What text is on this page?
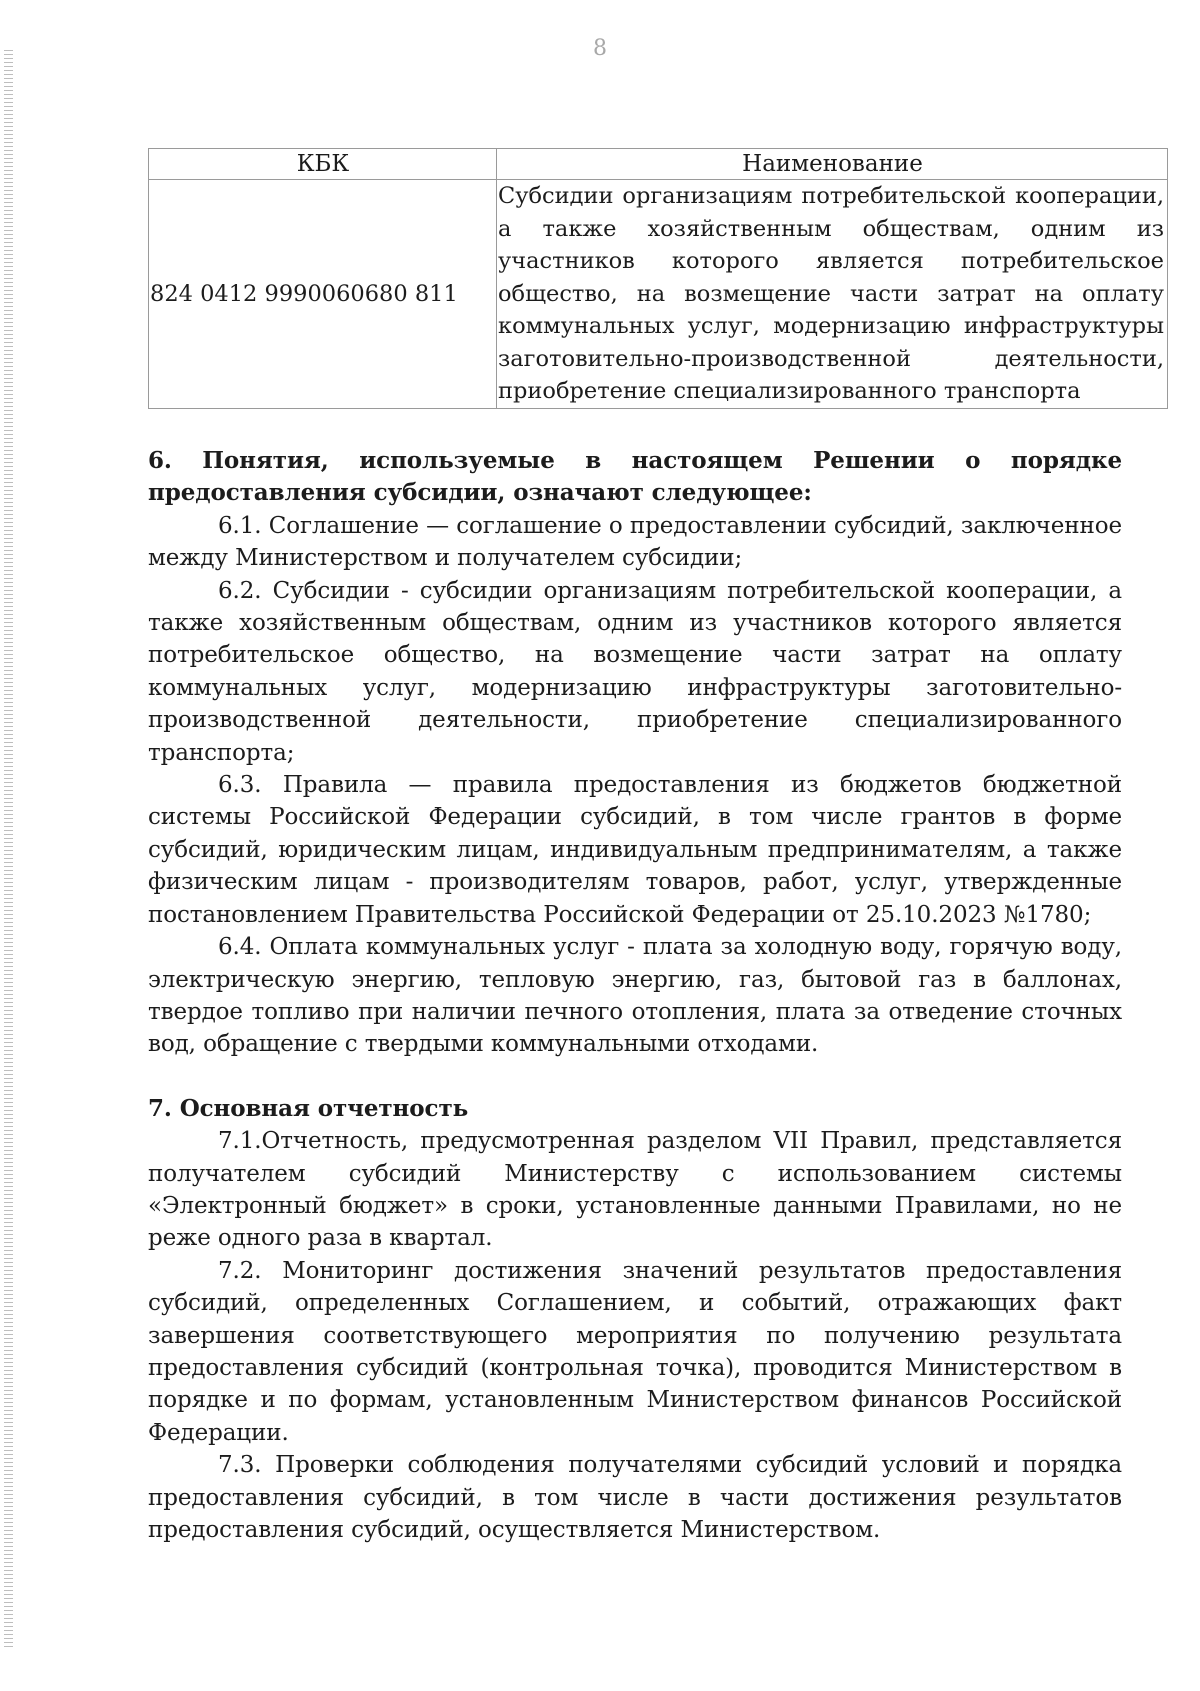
8
КБК	Наименование
824 0412 9990060680 811	Субсидии организациям потребительской кооперации, а также хозяйственным обществам, одним из участников которого является потребительское общество, на возмещение части затрат на оплату коммунальных услуг, модернизацию инфраструктуры заготовительно-производственной деятельности, приобретение специализированного транспорта

6. Понятия, используемые в настоящем Решении о порядке предоставления субсидии, означают следующее:

6.1. Соглашение — соглашение о предоставлении субсидий, заключенное между Министерством и получателем субсидии;

6.2. Субсидии - субсидии организациям потребительской кооперации, а также хозяйственным обществам, одним из участников которого является потребительское общество, на возмещение части затрат на оплату коммунальных услуг, модернизацию инфраструктуры заготовительно-производственной деятельности, приобретение специализированного транспорта;

6.3. Правила — правила предоставления из бюджетов бюджетной системы Российской Федерации субсидий, в том числе грантов в форме субсидий, юридическим лицам, индивидуальным предпринимателям, а также физическим лицам - производителям товаров, работ, услуг, утвержденные постановлением Правительства Российской Федерации от 25.10.2023 №1780;

6.4. Оплата коммунальных услуг - плата за холодную воду, горячую воду, электрическую энергию, тепловую энергию, газ, бытовой газ в баллонах, твердое топливо при наличии печного отопления, плата за отведение сточных вод, обращение с твердыми коммунальными отходами.

7. Основная отчетность

7.1.Отчетность, предусмотренная разделом VII Правил, представляется получателем субсидий Министерству с использованием системы «Электронный бюджет» в сроки, установленные данными Правилами, но не реже одного раза в квартал.

7.2. Мониторинг достижения значений результатов предоставления субсидий, определенных Соглашением, и событий, отражающих факт завершения соответствующего мероприятия по получению результата предоставления субсидий (контрольная точка), проводится Министерством в порядке и по формам, установленным Министерством финансов Российской Федерации.

7.3. Проверки соблюдения получателями субсидий условий и порядка предоставления субсидий, в том числе в части достижения результатов предоставления субсидий, осуществляется Министерством.
